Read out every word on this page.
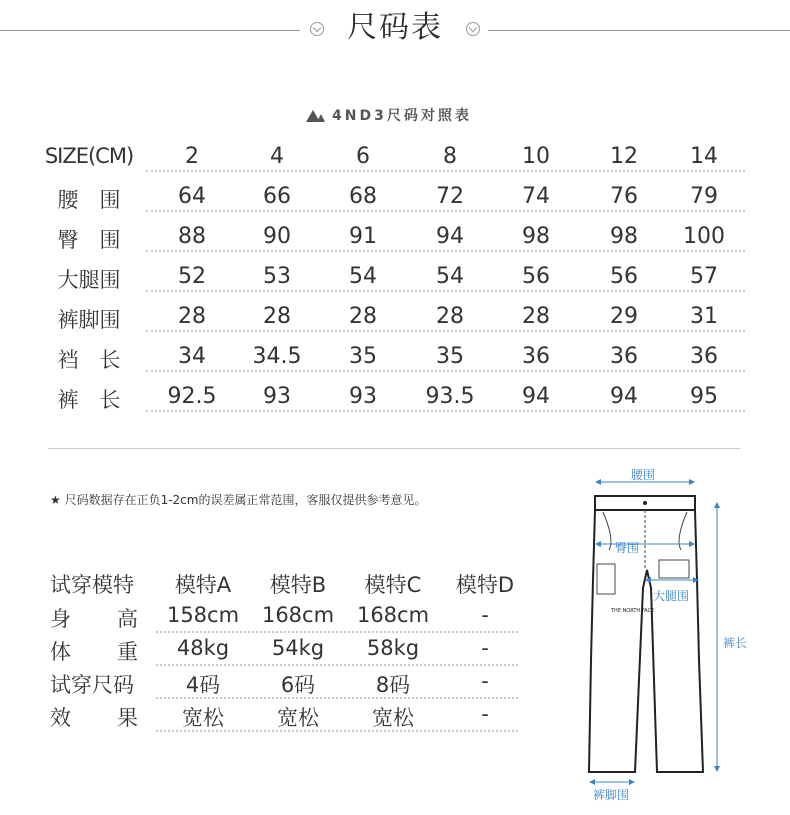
尺码表
4ND3尺码对照表
SIZE(CM)	2	4	6	8	10	12	14
腰　围	64	66	68	72	74	76	79
臀　围	88	90	91	94	98	98	100
大腿围	52	53	54	54	56	56	57
裤脚围	28	28	28	28	28	29	31
裆　长	34	34.5	35	35	36	36	36
裤　长	92.5	93	93	93.5	94	94	95
★ 尺码数据存在正负1-2cm的误差属正常范围，客服仅提供参考意见。
试穿模特	模特A	模特B	模特C	模特D
身 高	158cm	168cm	168cm	-
体 重	48kg	54kg	58kg	-
试穿尺码	4码	6码	8码	-
效 果	宽松	宽松	宽松	-
THE NORTH FACE
腰围
臀围
大腿围
裤长
裤脚围
